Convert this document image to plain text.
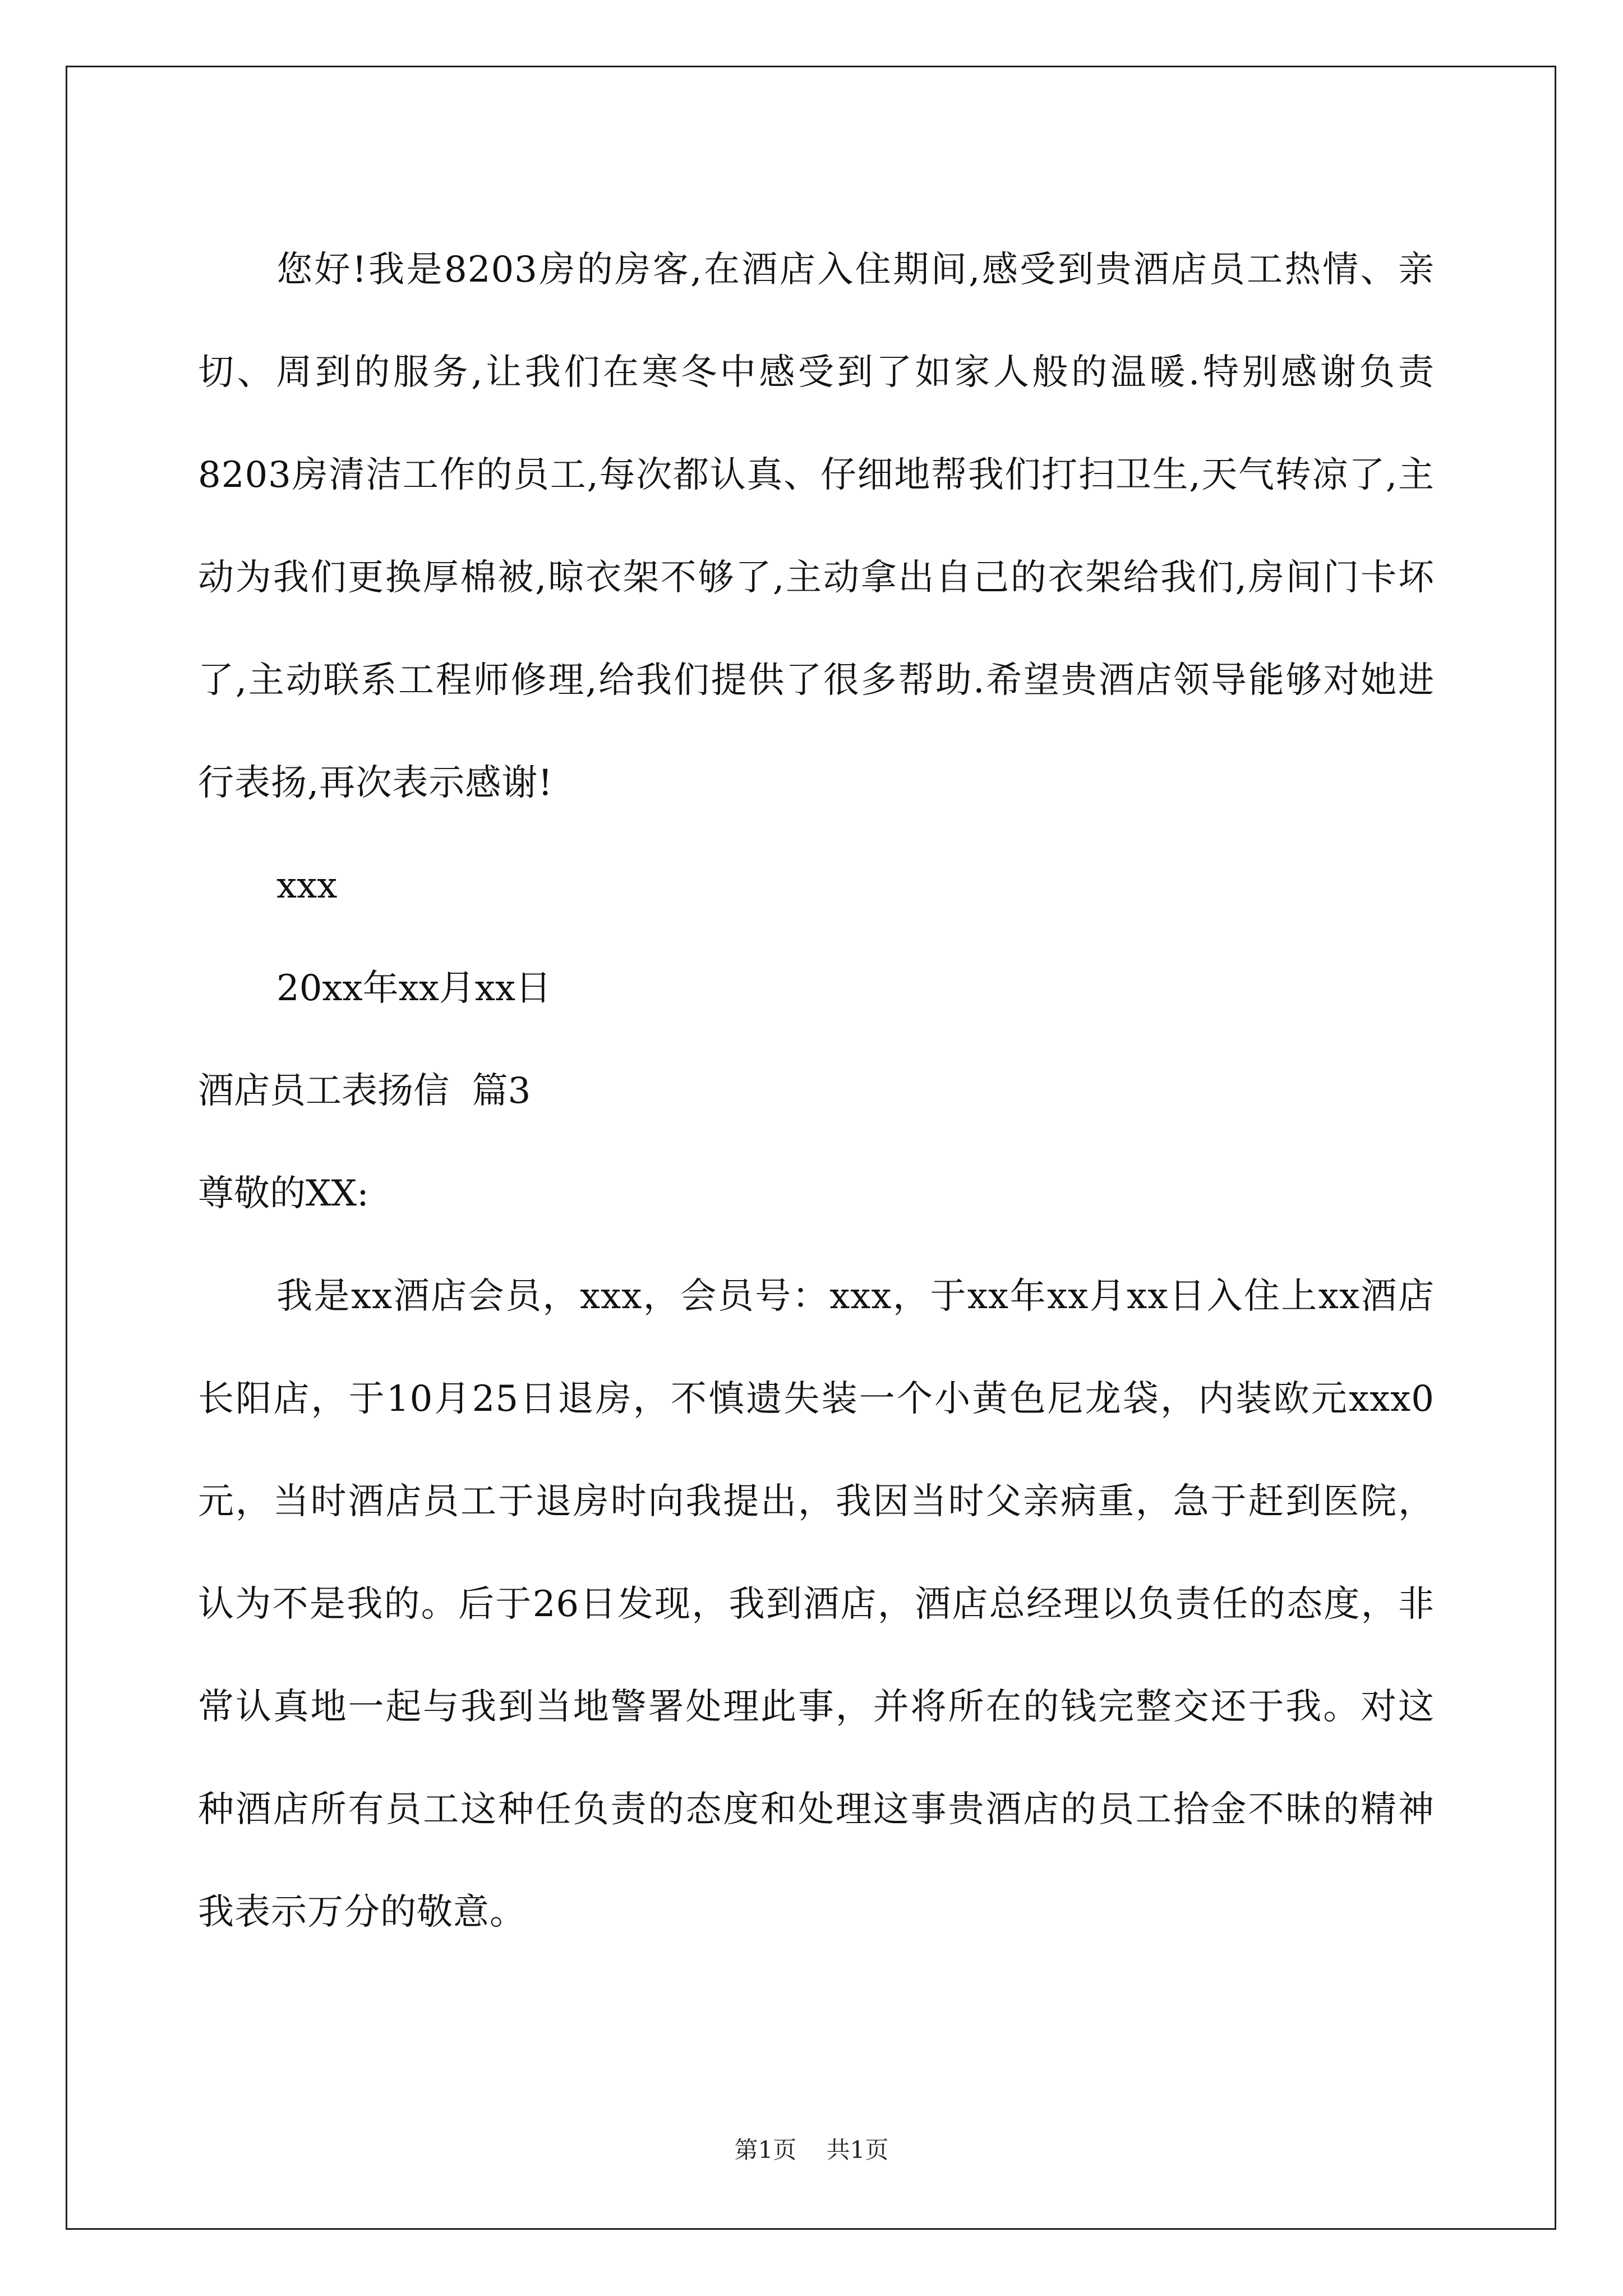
您好!我是8203房的房客,在酒店入住期间,感受到贵酒店员工热情、亲切、周到的服务,让我们在寒冬中感受到了如家人般的温暖.特别感谢负责8203房清洁工作的员工,每次都认真、仔细地帮我们打扫卫生,天气转凉了,主动为我们更换厚棉被,晾衣架不够了,主动拿出自己的衣架给我们,房间门卡坏了,主动联系工程师修理,给我们提供了很多帮助.希望贵酒店领导能够对她进行表扬,再次表示感谢!

xxx

20xx年xx月xx日

酒店员工表扬信  篇3

尊敬的XX:

我是xx酒店会员，xxx，会员号：xxx，于xx年xx月xx日入住上xx酒店长阳店，于10月25日退房，不慎遗失装一个小黄色尼龙袋，内装欧元xxx0元，当时酒店员工于退房时向我提出，我因当时父亲病重，急于赶到医院，认为不是我的。后于26日发现，我到酒店，酒店总经理以负责任的态度，非常认真地一起与我到当地警署处理此事，并将所在的钱完整交还于我。对这种酒店所有员工这种任负责的态度和处理这事贵酒店的员工拾金不昧的精神我表示万分的敬意。

第1页 共1页
